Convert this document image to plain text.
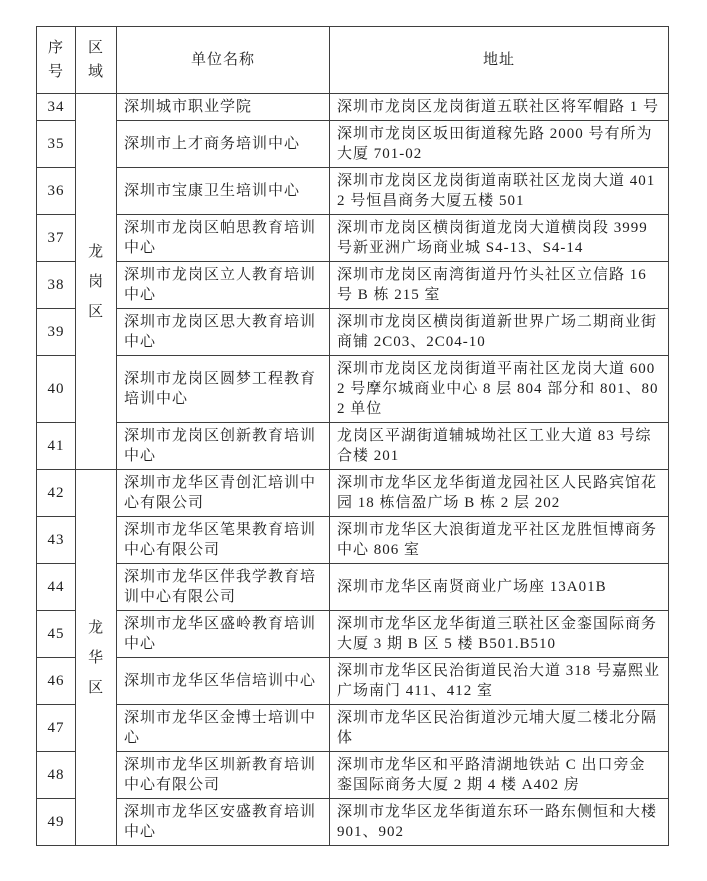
序号	区域	单位名称	地址
34	龙岗区	深圳城市职业学院	深圳市龙岗区龙岗街道五联社区将军帽路 1 号
35		深圳市上才商务培训中心	深圳市龙岗区坂田街道稼先路 2000 号有所为大厦 701-02
36		深圳市宝康卫生培训中心	深圳市龙岗区龙岗街道南联社区龙岗大道 4012 号恒昌商务大厦五楼 501
37		深圳市龙岗区帕思教育培训中心	深圳市龙岗区横岗街道龙岗大道横岗段 3999 号新亚洲广场商业城 S4-13、S4-14
38		深圳市龙岗区立人教育培训中心	深圳市龙岗区南湾街道丹竹头社区立信路 16 号 B 栋 215 室
39		深圳市龙岗区思大教育培训中心	深圳市龙岗区横岗街道新世界广场二期商业街商铺 2C03、2C04-10
40		深圳市龙岗区圆梦工程教育培训中心	深圳市龙岗区龙岗街道平南社区龙岗大道 6002 号摩尔城商业中心 8 层 804 部分和 801、802 单位
41		深圳市龙岗区创新教育培训中心	龙岗区平湖街道辅城坳社区工业大道 83 号综合楼 201
42	龙华区	深圳市龙华区青创汇培训中心有限公司	深圳市龙华区龙华街道龙园社区人民路宾馆花园 18 栋信盈广场 B 栋 2 层 202
43		深圳市龙华区笔果教育培训中心有限公司	深圳市龙华区大浪街道龙平社区龙胜恒博商务中心 806 室
44		深圳市龙华区伴我学教育培训中心有限公司	深圳市龙华区南贤商业广场座 13A01B
45		深圳市龙华区盛岭教育培训中心	深圳市龙华区龙华街道三联社区金銮国际商务大厦 3 期 B 区 5 楼 B501.B510
46		深圳市龙华区华信培训中心	深圳市龙华区民治街道民治大道 318 号嘉熙业广场南门 411、412 室
47		深圳市龙华区金博士培训中心	深圳市龙华区民治街道沙元埔大厦二楼北分隔体
48		深圳市龙华区圳新教育培训中心有限公司	深圳市龙华区和平路清湖地铁站 C 出口旁金銮国际商务大厦 2 期 4 楼 A402 房
49		深圳市龙华区安盛教育培训中心	深圳市龙华区龙华街道东环一路东侧恒和大楼 901、902
